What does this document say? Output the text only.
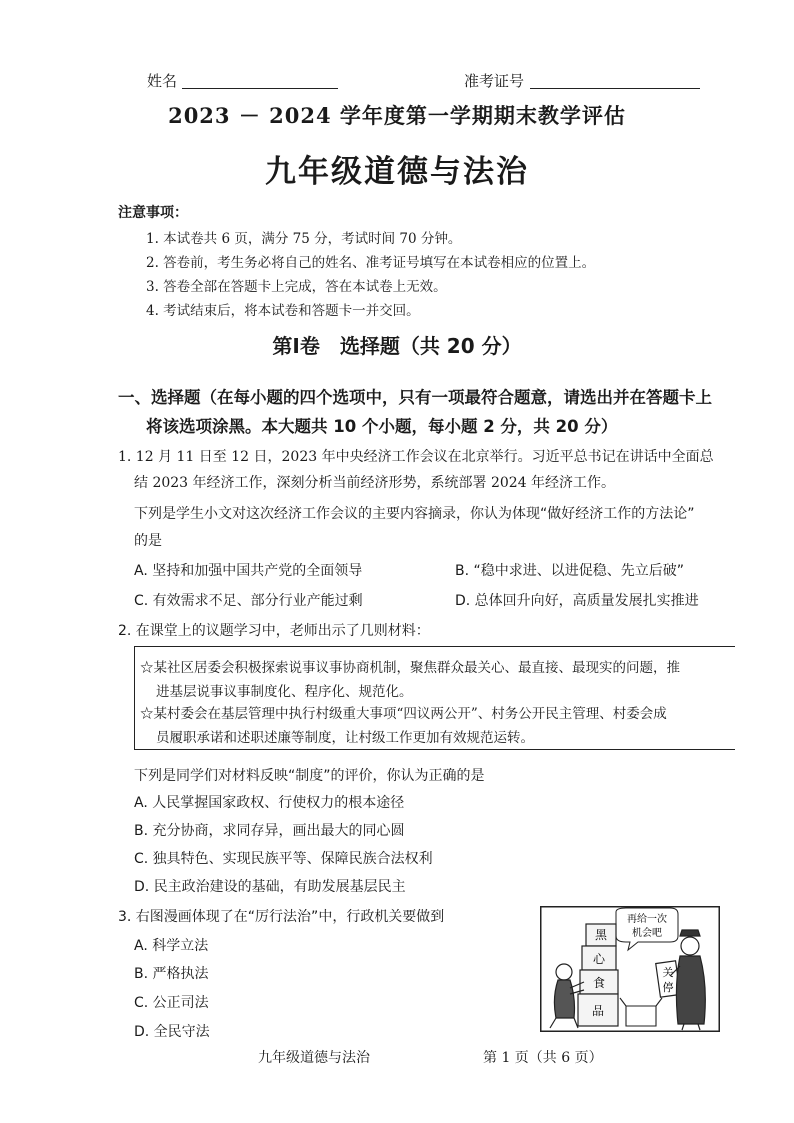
姓名	准考证号
2023 － 2024 学年度第一学期期末教学评估
九年级道德与法治
注意事项：
1. 本试卷共 6 页，满分 75 分，考试时间 70 分钟。
2. 答卷前，考生务必将自己的姓名、准考证号填写在本试卷相应的位置上。
3. 答卷全部在答题卡上完成，答在本试卷上无效。
4. 考试结束后，将本试卷和答题卡一并交回。
第Ⅰ卷　选择题（共 20 分）
一、选择题（在每小题的四个选项中，只有一项最符合题意，请选出并在答题卡上
将该选项涂黑。本大题共 10 个小题，每小题 2 分，共 20 分）
1. 12 月 11 日至 12 日，2023 年中央经济工作会议在北京举行。习近平总书记在讲话中全面总
结 2023 年经济工作，深刻分析当前经济形势，系统部署 2024 年经济工作。
下列是学生小文对这次经济工作会议的主要内容摘录，你认为体现“做好经济工作的方法论”
的是
A. 坚持和加强中国共产党的全面领导	B. “稳中求进、以进促稳、先立后破”
C. 有效需求不足、部分行业产能过剩	D. 总体回升向好，高质量发展扎实推进
2. 在课堂上的议题学习中，老师出示了几则材料：
☆某社区居委会积极探索说事议事协商机制，聚焦群众最关心、最直接、最现实的问题，推
进基层说事议事制度化、程序化、规范化。
☆某村委会在基层管理中执行村级重大事项“四议两公开”、村务公开民主管理、村委会成
员履职承诺和述职述廉等制度，让村级工作更加有效规范运转。
下列是同学们对材料反映“制度”的评价，你认为正确的是
A. 人民掌握国家政权、行使权力的根本途径
B. 充分协商，求同存异，画出最大的同心圆
C. 独具特色、实现民族平等、保障民族合法权利
D. 民主政治建设的基础，有助发展基层民主
3. 右图漫画体现了在“厉行法治”中，行政机关要做到
A. 科学立法
B. 严格执法
C. 公正司法
D. 全民守法
再给一次
机会吧
黑
心
食
品
关
停
九年级道德与法治	第 1 页（共 6 页）
